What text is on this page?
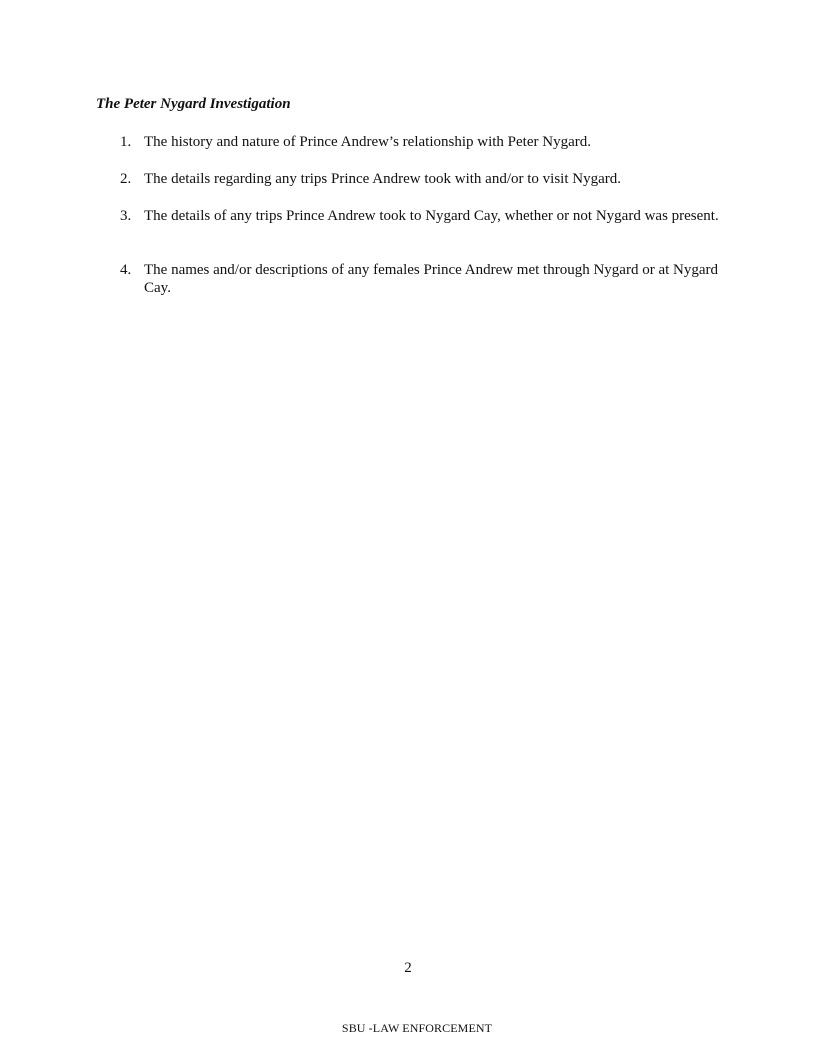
The Peter Nygard Investigation
1. The history and nature of Prince Andrew’s relationship with Peter Nygard.
2. The details regarding any trips Prince Andrew took with and/or to visit Nygard.
3. The details of any trips Prince Andrew took to Nygard Cay, whether or not Nygard was present.
4. The names and/or descriptions of any females Prince Andrew met through Nygard or at Nygard Cay.
2
SBU -LAW ENFORCEMENT
